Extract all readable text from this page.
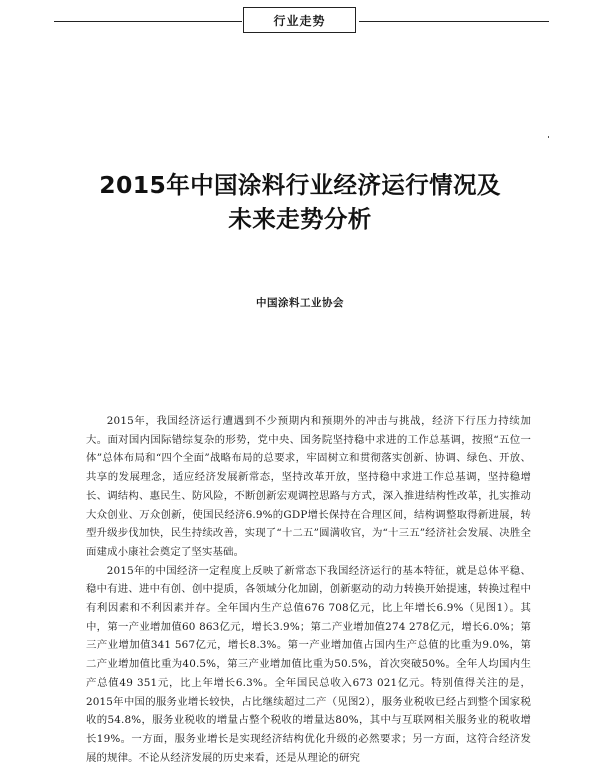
行业走势
2015年中国涂料行业经济运行情况及
未来走势分析
中国涂料工业协会

2015年，我国经济运行遭遇到不少预期内和预期外的冲击与挑战，经济下行压力持续加大。面对国内国际错综复杂的形势，党中央、国务院坚持稳中求进的工作总基调，按照“五位一体”总体布局和“四个全面”战略布局的总要求，牢固树立和贯彻落实创新、协调、绿色、开放、共享的发展理念，适应经济发展新常态，坚持改革开放，坚持稳中求进工作总基调，坚持稳增长、调结构、惠民生、防风险，不断创新宏观调控思路与方式，深入推进结构性改革，扎实推动大众创业、万众创新，使国民经济6.9%的GDP增长保持在合理区间，结构调整取得新进展，转型升级步伐加快，民生持续改善，实现了“十二五”圆满收官，为“十三五”经济社会发展、决胜全面建成小康社会奠定了坚实基础。

2015年的中国经济一定程度上反映了新常态下我国经济运行的基本特征，就是总体平稳、稳中有进、进中有创、创中提质，各领域分化加剧，创新驱动的动力转换开始提速，转换过程中有利因素和不利因素并存。全年国内生产总值676 708亿元，比上年增长6.9%（见图1）。其中，第一产业增加值60 863亿元，增长3.9%；第二产业增加值274 278亿元，增长6.0%；第三产业增加值341 567亿元，增长8.3%。第一产业增加值占国内生产总值的比重为9.0%，第二产业增加值比重为40.5%，第三产业增加值比重为50.5%，首次突破50%。全年人均国内生产总值49 351元，比上年增长6.3%。全年国民总收入673 021亿元。特别值得关注的是，2015年中国的服务业增长较快，占比继续超过二产（见图2），服务业税收已经占到整个国家税收的54.8%，服务业税收的增量占整个税收的增量达80%，其中与互联网相关服务业的税收增长19%。一方面，服务业增长是实现经济结构优化升级的必然要求；另一方面，这符合经济发展的规律。不论从经济发展的历史来看，还是从理论的研究
